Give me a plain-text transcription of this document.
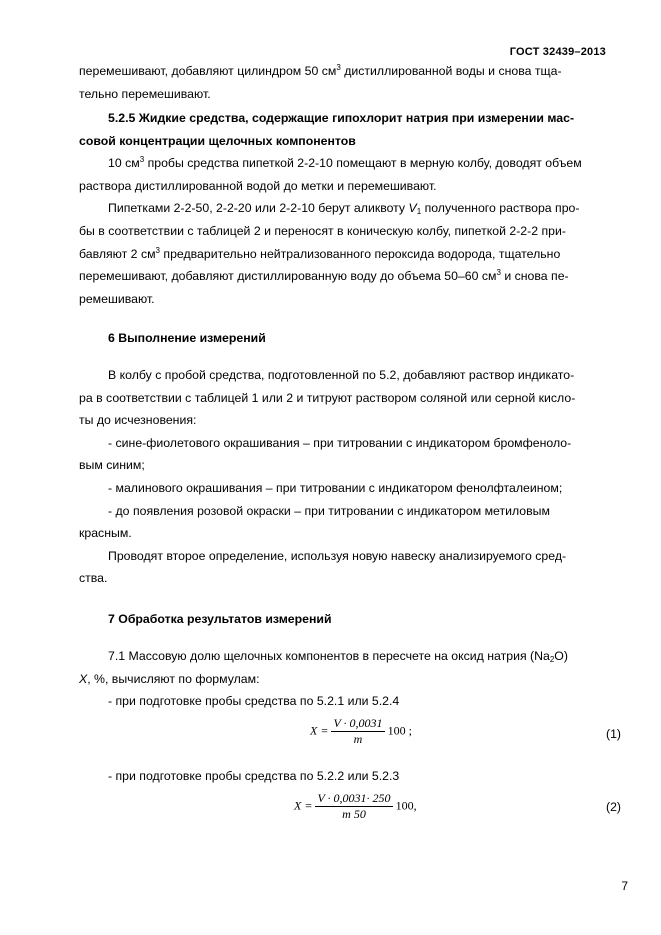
ГОСТ 32439–2013

перемешивают, добавляют цилиндром 50 $см^3$ дистиллированной воды и снова тща-

тельно перемешивают.

5.2.5 Жидкие средства, содержащие гипохлорит натрия при измерении мас-

совой концентрации щелочных компонентов

10 $см^3$ пробы средства пипеткой 2-2-10 помещают в мерную колбу, доводят объем

раствора дистиллированной водой до метки и перемешивают.

Пипетками 2-2-50, 2-2-20 или 2-2-10 берут аликвоту $V_1$ полученного раствора про-

бы в соответствии с таблицей 2 и переносят в коническую колбу, пипеткой 2-2-2 при-

бавляют 2 $см^3$ предварительно нейтрализованного пероксида водорода, тщательно

перемешивают, добавляют дистиллированную воду до объема 50–60 $см^3$ и снова пе-

ремешивают.

6 Выполнение измерений

В колбу с пробой средства, подготовленной по 5.2, добавляют раствор индикато-

ра в соответствии с таблицей 1 или 2 и титруют раствором соляной или серной кисло-

ты до исчезновения:

- сине-фиолетового окрашивания – при титровании с индикатором бромфеноло-

вым синим;

- малинового окрашивания – при титровании с индикатором фенолфталеином;

- до появления розовой окраски – при титровании с индикатором метиловым

красным.

Проводят второе определение, используя новую навеску анализируемого сред-

ства.

7 Обработка результатов измерений

7.1 Массовую долю щелочных компонентов в пересчете на оксид натрия $(Na_2O)$

X, %, вычисляют по формулам:

- при подготовке пробы средства по 5.2.1 или 5.2.4

$X = \frac{V \cdot 0,0031}{m} 100$ ;	(1)

- при подготовке пробы средства по 5.2.2 или 5.2.3

$X = \frac{V \cdot 0,0031\cdot 250}{m 50} 100$,	(2)
7
